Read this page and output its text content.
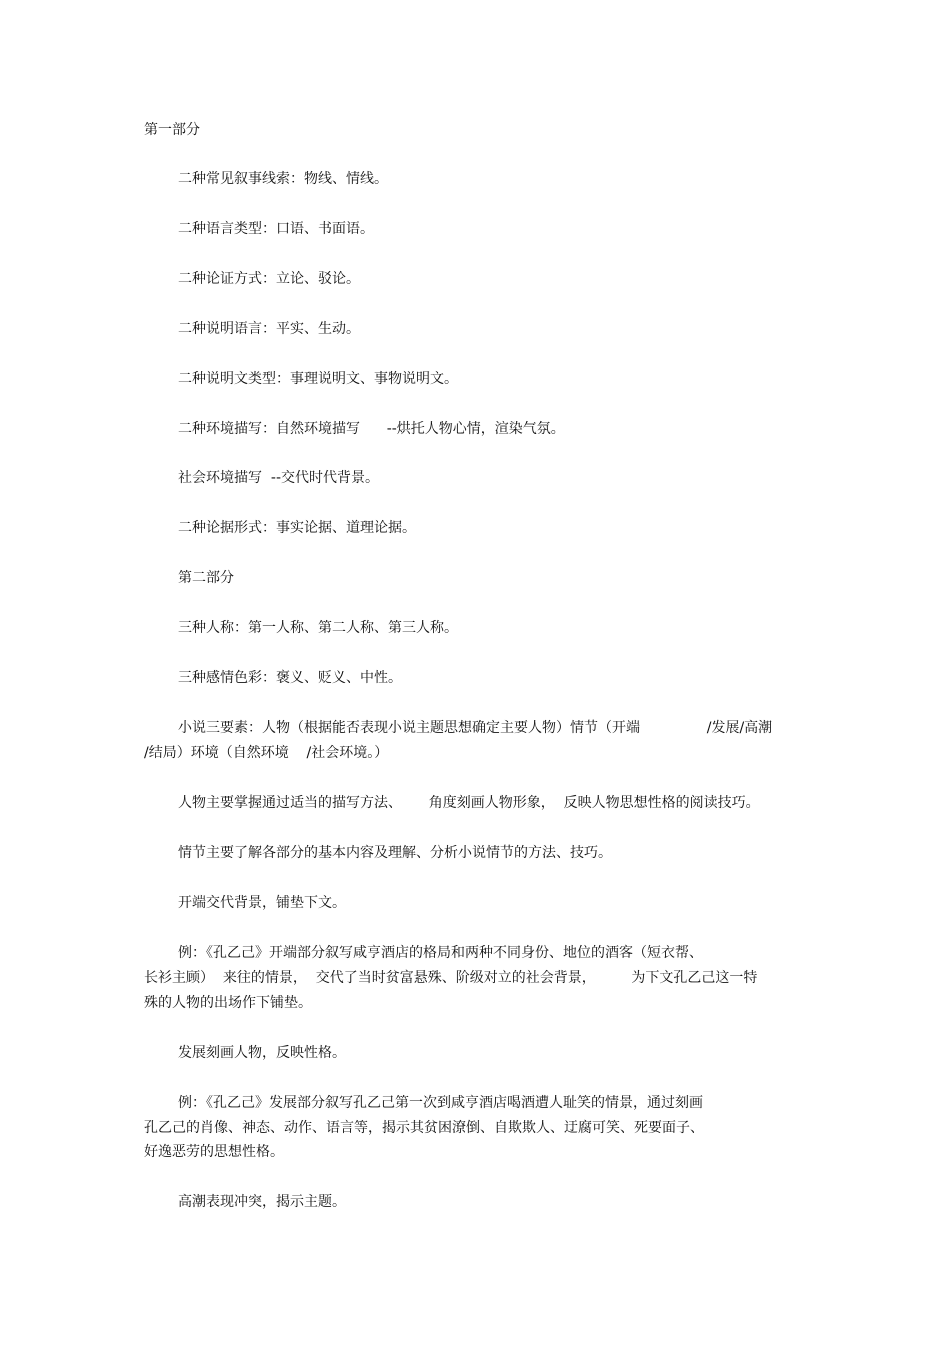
第一部分
二种常见叙事线索：物线、情线。
二种语言类型：口语、书面语。
二种论证方式：立论、驳论。
二种说明语言：平实、生动。
二种说明文类型：事理说明文、事物说明文。
二种环境描写：自然环境描写      --烘托人物心情，渲染气氛。
社会环境描写  --交代时代背景。
二种论据形式：事实论据、道理论据。
第二部分
三种人称：第一人称、第二人称、第三人称。
三种感情色彩：褒义、贬义、中性。
小说三要素：人物（根据能否表现小说主题思想确定主要人物）情节（开端               /发展/高潮
/结局）环境（自然环境    /社会环境。）
人物主要掌握通过适当的描写方法、      角度刻画人物形象，  反映人物思想性格的阅读技巧。
情节主要了解各部分的基本内容及理解、分析小说情节的方法、技巧。
开端交代背景，铺垫下文。
例：《孔乙己》开端部分叙写咸亨酒店的格局和两种不同身份、地位的酒客（短衣帮、
长衫主顾）  来往的情景，  交代了当时贫富悬殊、阶级对立的社会背景，        为下文孔乙己这一特
殊的人物的出场作下铺垫。
发展刻画人物，反映性格。
例：《孔乙己》发展部分叙写孔乙己第一次到咸亨酒店喝酒遭人耻笑的情景，通过刻画
孔乙己的肖像、神态、动作、语言等，揭示其贫困潦倒、自欺欺人、迂腐可笑、死要面子、
好逸恶劳的思想性格。
高潮表现冲突，揭示主题。
